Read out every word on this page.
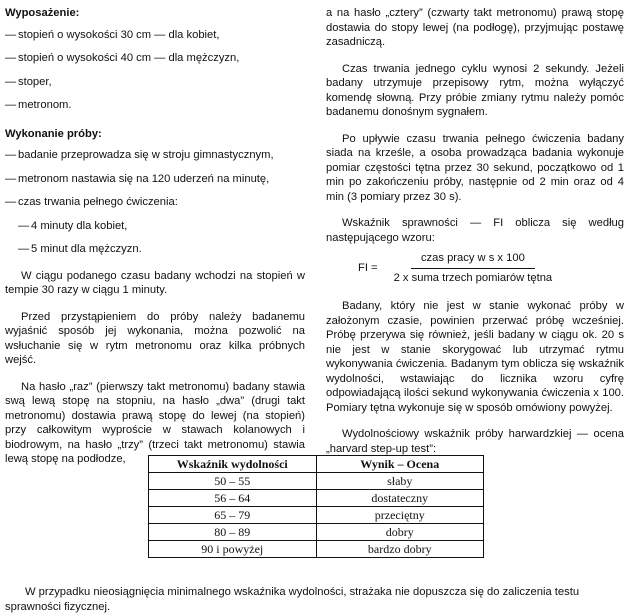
Wyposażenie:
— stopień o wysokości 30 cm — dla kobiet,
— stopień o wysokości 40 cm — dla mężczyzn,
— stoper,
— metronom.
Wykonanie próby:
— badanie przeprowadza się w stroju gimnastycznym,
— metronom nastawia się na 120 uderzeń na minutę,
— czas trwania pełnego ćwiczenia:
— 4 minuty dla kobiet,
— 5 minut dla mężczyzn.

W ciągu podanego czasu badany wchodzi na stopień w tempie 30 razy w ciągu 1 minuty.

Przed przystąpieniem do próby należy badanemu wyjaśnić sposób jej wykonania, można pozwolić na wsłuchanie się w rytm metronomu oraz kilka próbnych wejść.

Na hasło „raz” (pierwszy takt metronomu) badany stawia swą lewą stopę na stopniu, na hasło „dwa” (drugi takt metronomu) dostawia prawą stopę do lewej (na stopień) przy całkowitym wyproście w stawach kolanowych i biodrowym, na hasło „trzy” (trzeci takt metronomu) stawia lewą stopę na podłodze,

a na hasło „cztery” (czwarty takt metronomu) prawą stopę dostawia do stopy lewej (na podłogę), przyjmując postawę zasadniczą.

Czas trwania jednego cyklu wynosi 2 sekundy. Jeżeli badany utrzymuje przepisowy rytm, można wyłączyć komendę słowną. Przy próbie zmiany rytmu należy pomóc badanemu donośnym sygnałem.

Po upływie czasu trwania pełnego ćwiczenia badany siada na krześle, a osoba prowadząca badania wykonuje pomiar częstości tętna przez 30 sekund, początkowo od 1 min po zakończeniu próby, następnie od 2 min oraz od 4 min (3 pomiary przez 30 s).

Wskaźnik sprawności — FI oblicza się według następującego wzoru:

FI = $\frac{\text{czas pracy w s x 100}}{\text{2 x suma trzech pomiarów tętna}}$

Badany, który nie jest w stanie wykonać próby w założonym czasie, powinien przerwać próbę wcześniej. Próbę przerywa się również, jeśli badany w ciągu ok. 20 s nie jest w stanie skorygować lub utrzymać rytmu wykonywania ćwiczenia. Badanym tym oblicza się wskaźnik wydolności, wstawiając do licznika wzoru cyfrę odpowiadającą ilości sekund wykonywania ćwiczenia x 100. Pomiary tętna wykonuje się w sposób omówiony powyżej.

Wydolnościowy wskaźnik próby harwardzkiej — ocena „harvard step-up test”:

Wskaźnik wydolności	Wynik – Ocena
50 – 55	słaby
56 – 64	dostateczny
65 – 79	przeciętny
80 – 89	dobry
90 i powyżej	bardzo dobry

W przypadku nieosiągnięcia minimalnego wskaźnika wydolności, strażaka nie dopuszcza się do zaliczenia testu sprawności fizycznej.
